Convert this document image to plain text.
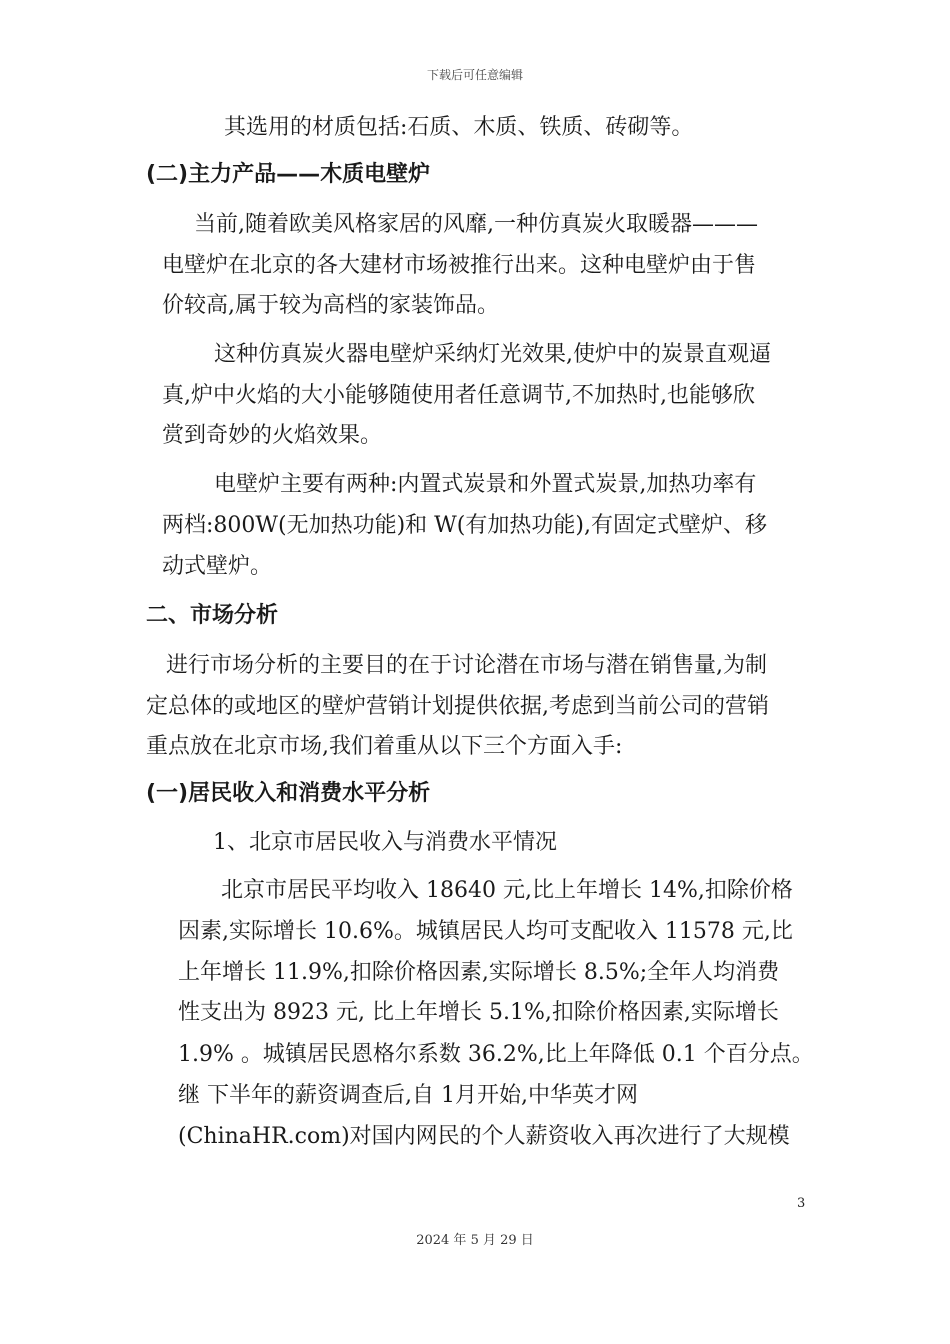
下载后可任意编辑

其选用的材质包括:石质、木质、铁质、砖砌等。

(二)主力产品——木质电壁炉

当前,随着欧美风格家居的风靡,一种仿真炭火取暖器———

电壁炉在北京的各大建材市场被推行出来。这种电壁炉由于售

价较高,属于较为高档的家装饰品。

这种仿真炭火器电壁炉采纳灯光效果,使炉中的炭景直观逼

真,炉中火焰的大小能够随使用者任意调节,不加热时,也能够欣

赏到奇妙的火焰效果。

电壁炉主要有两种:内置式炭景和外置式炭景,加热功率有

两档:800W(无加热功能)和 W(有加热功能),有固定式壁炉、移

动式壁炉。

二、市场分析

进行市场分析的主要目的在于讨论潜在市场与潜在销售量,为制

定总体的或地区的壁炉营销计划提供依据,考虑到当前公司的营销

重点放在北京市场,我们着重从以下三个方面入手:

(一)居民收入和消费水平分析

1、北京市居民收入与消费水平情况

北京市居民平均收入 18640 元,比上年增长 14%,扣除价格

因素,实际增长 10.6%。城镇居民人均可支配收入 11578 元,比

上年增长 11.9%,扣除价格因素,实际增长 8.5%;全年人均消费

性支出为 8923 元, 比上年增长 5.1%,扣除价格因素,实际增长

1.9% 。城镇居民恩格尔系数 36.2%,比上年降低 0.1 个百分点。

继 下半年的薪资调查后,自 1月开始,中华英才网

(ChinaHR.com)对国内网民的个人薪资收入再次进行了大规模

3
2024 年 5 月 29 日
